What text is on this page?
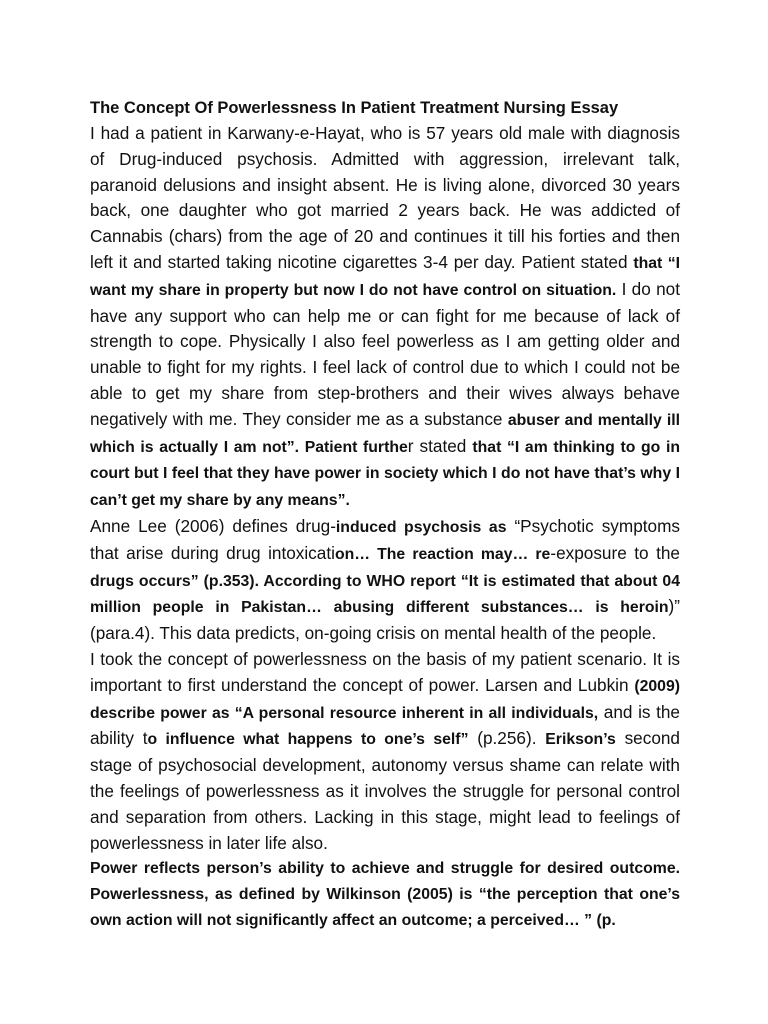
The Concept Of Powerlessness In Patient Treatment Nursing Essay

I had a patient in Karwany-e-Hayat, who is 57 years old male with diagnosis of Drug-induced psychosis. Admitted with aggression, irrelevant talk, paranoid delusions and insight absent. He is living alone, divorced 30 years back, one daughter who got married 2 years back. He was addicted of Cannabis (chars) from the age of 20 and continues it till his forties and then left it and started taking nicotine cigarettes 3-4 per day. Patient stated that “I want my share in property but now I do not have control on situation. I do not have any support who can help me or can fight for me because of lack of strength to cope. Physically I also feel powerless as I am getting older and unable to fight for my rights. I feel lack of control due to which I could not be able to get my share from step-brothers and their wives always behave negatively with me. They consider me as a substance abuser and mentally ill which is actually I am not”. Patient further stated that “I am thinking to go in court but I feel that they have power in society which I do not have that’s why I can’t get my share by any means”.

Anne Lee (2006) defines drug-induced psychosis as “Psychotic symptoms that arise during drug intoxication… The reaction may… re-exposure to the drugs occurs” (p.353). According to WHO report “It is estimated that about 04 million people in Pakistan… abusing different substances… is heroin)” (para.4). This data predicts, on-going crisis on mental health of the people.

I took the concept of powerlessness on the basis of my patient scenario. It is important to first understand the concept of power. Larsen and Lubkin (2009) describe power as “A personal resource inherent in all individuals, and is the ability to influence what happens to one’s self” (p.256). Erikson’s second stage of psychosocial development, autonomy versus shame can relate with the feelings of powerlessness as it involves the struggle for personal control and separation from others. Lacking in this stage, might lead to feelings of powerlessness in later life also.

Power reflects person’s ability to achieve and struggle for desired outcome. Powerlessness, as defined by Wilkinson (2005) is “the perception that one’s own action will not significantly affect an outcome; a perceived… ” (p.
